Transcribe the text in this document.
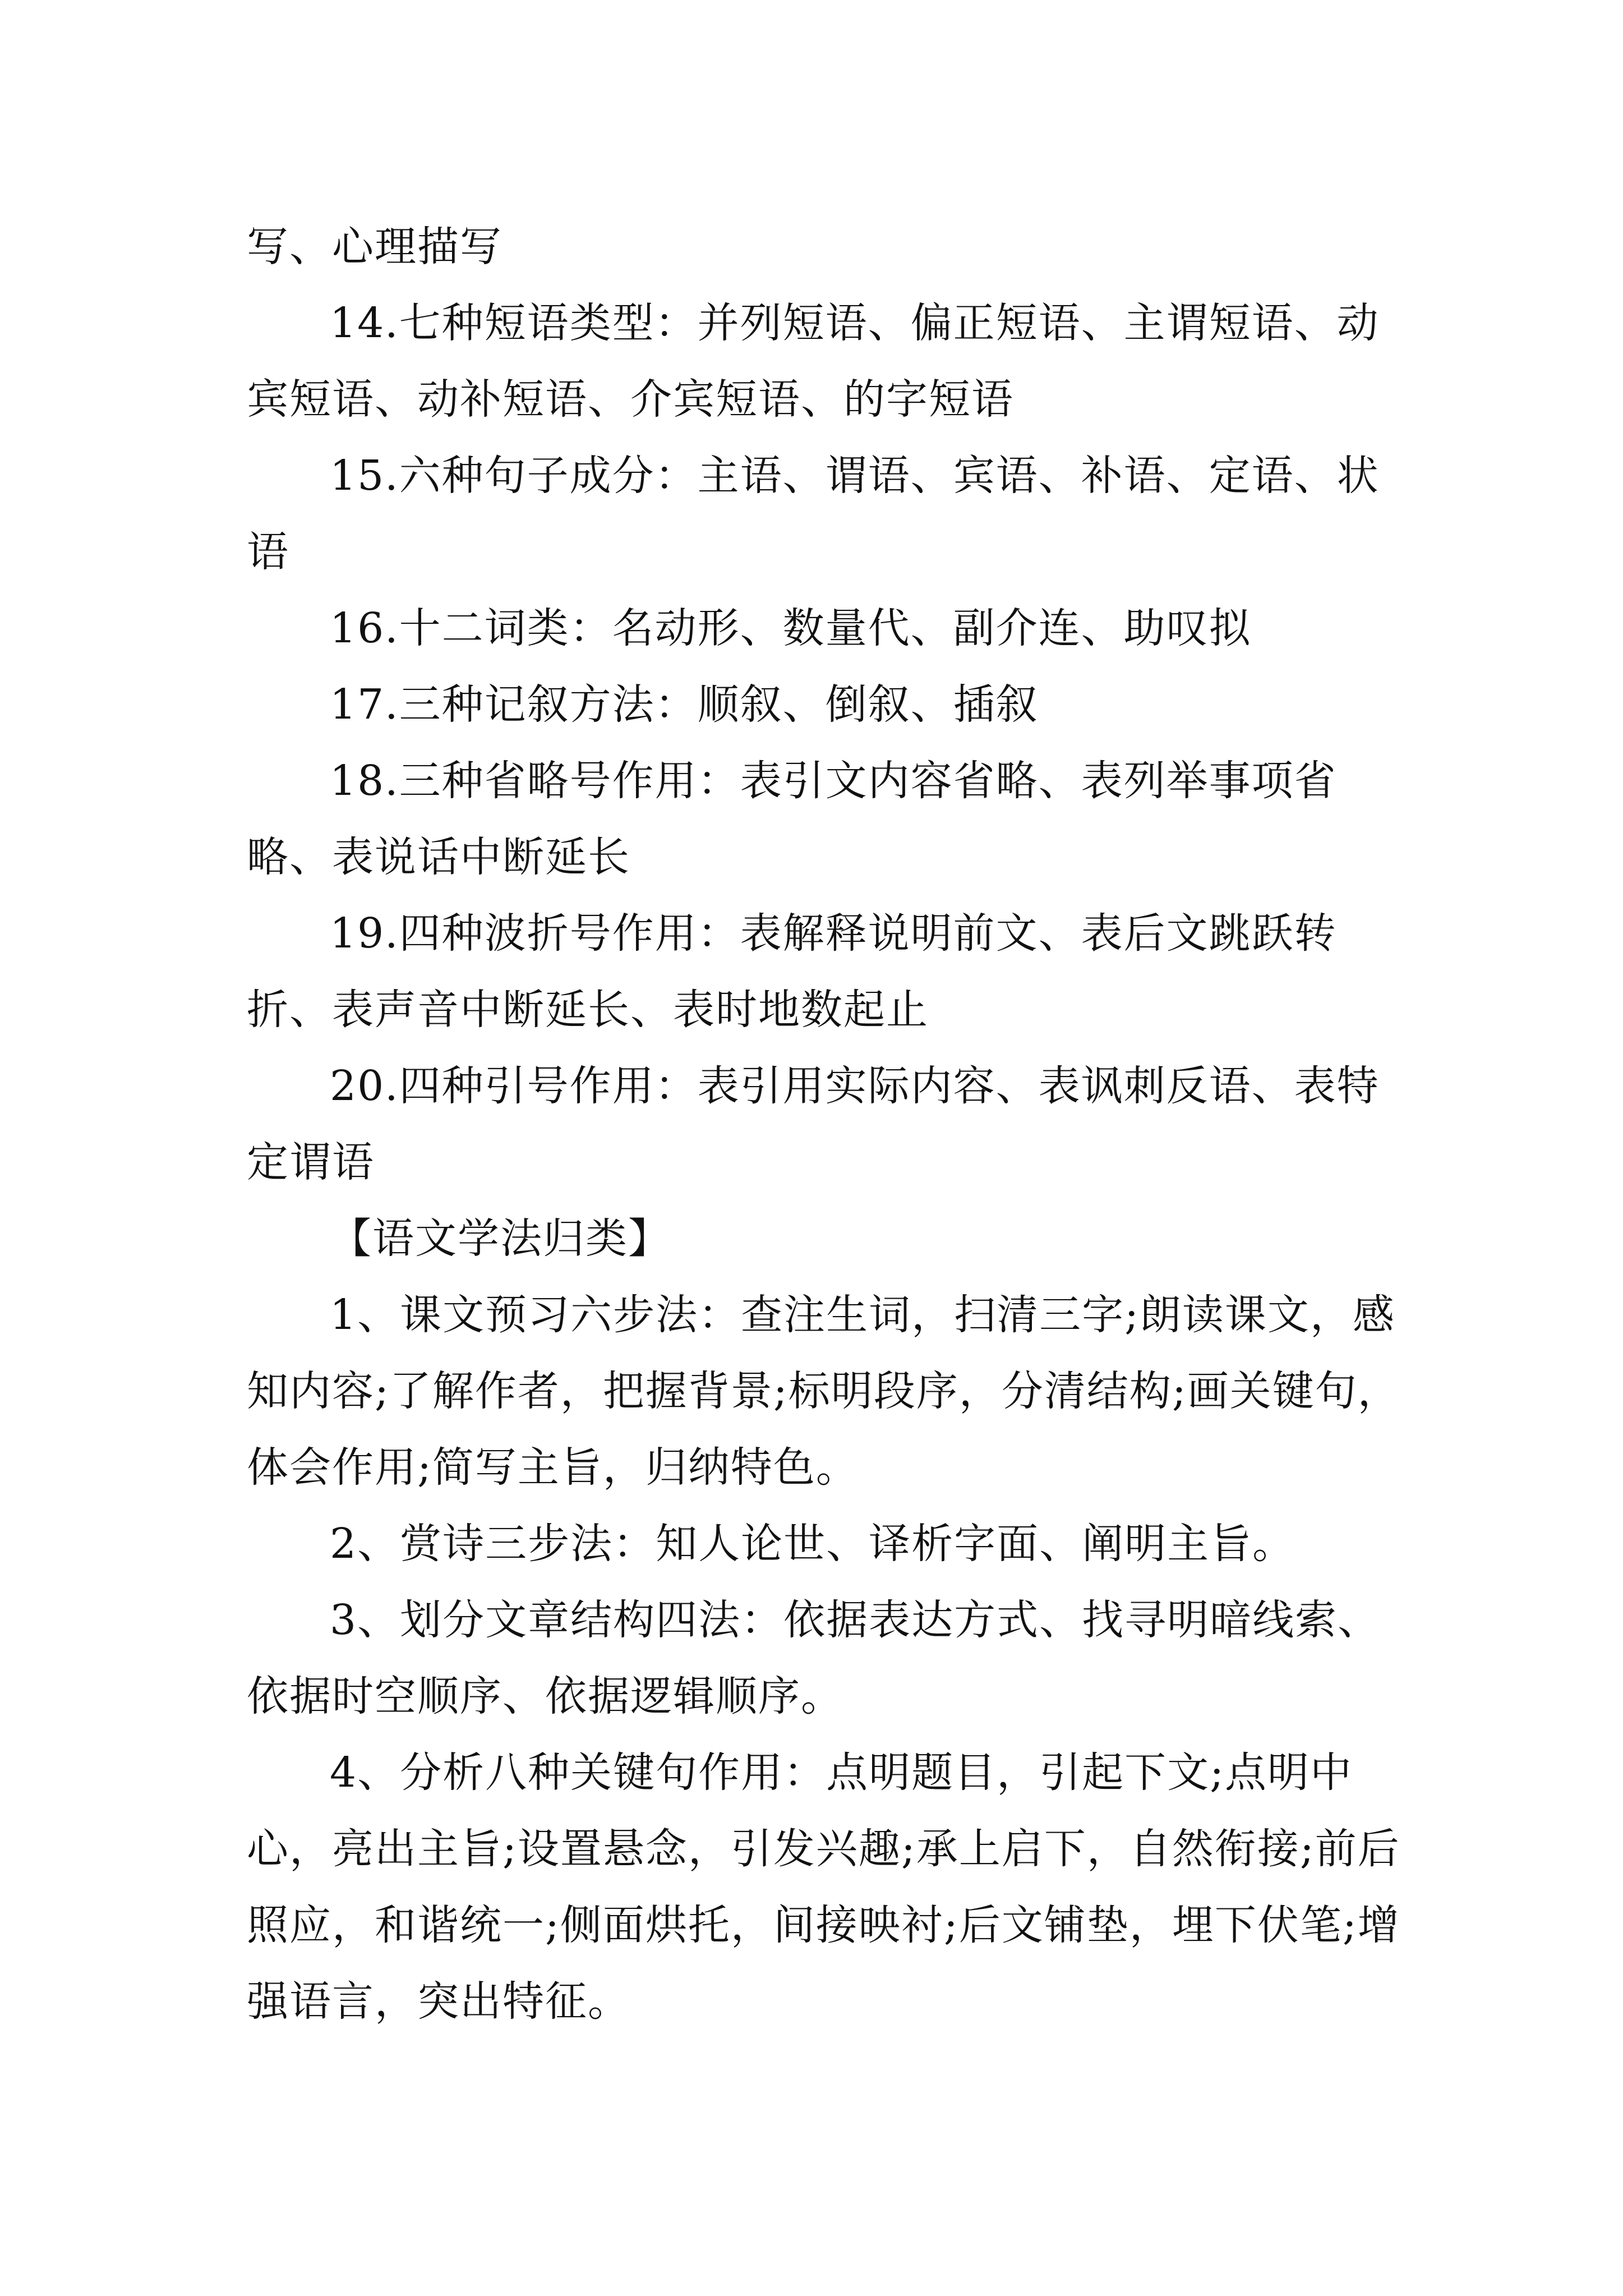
写、心理描写

14.七种短语类型：并列短语、偏正短语、主谓短语、动宾短语、动补短语、介宾短语、的字短语

15.六种句子成分：主语、谓语、宾语、补语、定语、状语

16.十二词类：名动形、数量代、副介连、助叹拟

17.三种记叙方法：顺叙、倒叙、插叙

18.三种省略号作用：表引文内容省略、表列举事项省略、表说话中断延长

19.四种波折号作用：表解释说明前文、表后文跳跃转折、表声音中断延长、表时地数起止

20.四种引号作用：表引用实际内容、表讽刺反语、表特定谓语

【语文学法归类】

1、课文预习六步法：查注生词，扫清三字;朗读课文，感知内容;了解作者，把握背景;标明段序，分清结构;画关键句，体会作用;简写主旨，归纳特色。

2、赏诗三步法：知人论世、译析字面、阐明主旨。

3、划分文章结构四法：依据表达方式、找寻明暗线索、依据时空顺序、依据逻辑顺序。

4、分析八种关键句作用：点明题目，引起下文;点明中心，亮出主旨;设置悬念，引发兴趣;承上启下，自然衔接;前后照应，和谐统一;侧面烘托，间接映衬;后文铺垫，埋下伏笔;增强语言，突出特征。
